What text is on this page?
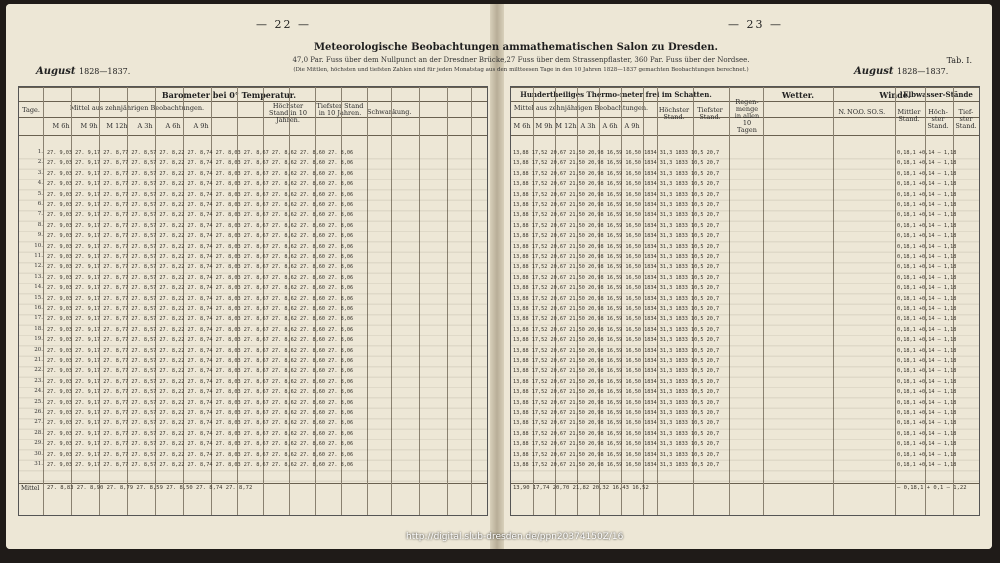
— 22 —	— 23 —
Meteorologische Beobachtungen ammathematischen Salon zu Dresden.
47,0 Par. Fuss über dem Nullpunct an der Dresdner Brücke,27 Fuss über dem Strassenpflaster, 360 Par. Fuss über der Nordsee.
(Die Mittlen, höchsten und tiefsten Zahlen sind für jeden Monatstag aus den miltteesen Tage in den 10 Jahren 1828—1837 gemachten Beobachtungen berechnet.)
Tab. I.
August 1828—1837.	August 1828—1837.
Tage.
Barometer bei 0° Temperatur.
Mittel aus zehnjährigen Beobachtungen.	Höchster Stand in 10 Jahren.
Tiefster Stand in 10 Jahren. Schwankung.
M 6h	M 9h	M 12h	A 3h	A 6h	A 9h
1. 27. 9,03 27. 9,17 27. 8,77 27. 8,57 27. 8,22 27. 8,74 27. 8,03 27. 8,67 27. 8,62 27. 8,60 27. 8,06
2. 27. 9,03 27. 9,17 27. 8,77 27. 8,57 27. 8,22 27. 8,74 27. 8,03 27. 8,67 27. 8,62 27. 8,60 27. 8,06
3. 27. 9,03 27. 9,17 27. 8,77 27. 8,57 27. 8,22 27. 8,74 27. 8,03 27. 8,67 27. 8,62 27. 8,60 27. 8,06
4. 27. 9,03 27. 9,17 27. 8,77 27. 8,57 27. 8,22 27. 8,74 27. 8,03 27. 8,67 27. 8,62 27. 8,60 27. 8,06
5. 27. 9,03 27. 9,17 27. 8,77 27. 8,57 27. 8,22 27. 8,74 27. 8,03 27. 8,67 27. 8,62 27. 8,60 27. 8,06
6. 27. 9,03 27. 9,17 27. 8,77 27. 8,57 27. 8,22 27. 8,74 27. 8,03 27. 8,67 27. 8,62 27. 8,60 27. 8,06
7. 27. 9,03 27. 9,17 27. 8,77 27. 8,57 27. 8,22 27. 8,74 27. 8,03 27. 8,67 27. 8,62 27. 8,60 27. 8,06
8. 27. 9,03 27. 9,17 27. 8,77 27. 8,57 27. 8,22 27. 8,74 27. 8,03 27. 8,67 27. 8,62 27. 8,60 27. 8,06
9. 27. 9,03 27. 9,17 27. 8,77 27. 8,57 27. 8,22 27. 8,74 27. 8,03 27. 8,67 27. 8,62 27. 8,60 27. 8,06
10. 27. 9,03 27. 9,17 27. 8,77 27. 8,57 27. 8,22 27. 8,74 27. 8,03 27. 8,67 27. 8,62 27. 8,60 27. 8,06
11. 27. 9,03 27. 9,17 27. 8,77 27. 8,57 27. 8,22 27. 8,74 27. 8,03 27. 8,67 27. 8,62 27. 8,60 27. 8,06
12. 27. 9,03 27. 9,17 27. 8,77 27. 8,57 27. 8,22 27. 8,74 27. 8,03 27. 8,67 27. 8,62 27. 8,60 27. 8,06
13. 27. 9,03 27. 9,17 27. 8,77 27. 8,57 27. 8,22 27. 8,74 27. 8,03 27. 8,67 27. 8,62 27. 8,60 27. 8,06
14. 27. 9,03 27. 9,17 27. 8,77 27. 8,57 27. 8,22 27. 8,74 27. 8,03 27. 8,67 27. 8,62 27. 8,60 27. 8,06
15. 27. 9,03 27. 9,17 27. 8,77 27. 8,57 27. 8,22 27. 8,74 27. 8,03 27. 8,67 27. 8,62 27. 8,60 27. 8,06
16. 27. 9,03 27. 9,17 27. 8,77 27. 8,57 27. 8,22 27. 8,74 27. 8,03 27. 8,67 27. 8,62 27. 8,60 27. 8,06
17. 27. 9,03 27. 9,17 27. 8,77 27. 8,57 27. 8,22 27. 8,74 27. 8,03 27. 8,67 27. 8,62 27. 8,60 27. 8,06
18. 27. 9,03 27. 9,17 27. 8,77 27. 8,57 27. 8,22 27. 8,74 27. 8,03 27. 8,67 27. 8,62 27. 8,60 27. 8,06
19. 27. 9,03 27. 9,17 27. 8,77 27. 8,57 27. 8,22 27. 8,74 27. 8,03 27. 8,67 27. 8,62 27. 8,60 27. 8,06
20. 27. 9,03 27. 9,17 27. 8,77 27. 8,57 27. 8,22 27. 8,74 27. 8,03 27. 8,67 27. 8,62 27. 8,60 27. 8,06
21. 27. 9,03 27. 9,17 27. 8,77 27. 8,57 27. 8,22 27. 8,74 27. 8,03 27. 8,67 27. 8,62 27. 8,60 27. 8,06
22. 27. 9,03 27. 9,17 27. 8,77 27. 8,57 27. 8,22 27. 8,74 27. 8,03 27. 8,67 27. 8,62 27. 8,60 27. 8,06
23. 27. 9,03 27. 9,17 27. 8,77 27. 8,57 27. 8,22 27. 8,74 27. 8,03 27. 8,67 27. 8,62 27. 8,60 27. 8,06
24. 27. 9,03 27. 9,17 27. 8,77 27. 8,57 27. 8,22 27. 8,74 27. 8,03 27. 8,67 27. 8,62 27. 8,60 27. 8,06
25. 27. 9,03 27. 9,17 27. 8,77 27. 8,57 27. 8,22 27. 8,74 27. 8,03 27. 8,67 27. 8,62 27. 8,60 27. 8,06
26. 27. 9,03 27. 9,17 27. 8,77 27. 8,57 27. 8,22 27. 8,74 27. 8,03 27. 8,67 27. 8,62 27. 8,60 27. 8,06
27. 27. 9,03 27. 9,17 27. 8,77 27. 8,57 27. 8,22 27. 8,74 27. 8,03 27. 8,67 27. 8,62 27. 8,60 27. 8,06
28. 27. 9,03 27. 9,17 27. 8,77 27. 8,57 27. 8,22 27. 8,74 27. 8,03 27. 8,67 27. 8,62 27. 8,60 27. 8,06
29. 27. 9,03 27. 9,17 27. 8,77 27. 8,57 27. 8,22 27. 8,74 27. 8,03 27. 8,67 27. 8,62 27. 8,60 27. 8,06
30. 27. 9,03 27. 9,17 27. 8,77 27. 8,57 27. 8,22 27. 8,74 27. 8,03 27. 8,67 27. 8,62 27. 8,60 27. 8,06
31. 27. 9,03 27. 9,17 27. 8,77 27. 8,57 27. 8,22 27. 8,74 27. 8,03 27. 8,67 27. 8,62 27. 8,60 27. 8,06
Mittel 27. 8,83 27. 8,90 27. 8,79 27. 8,59 27. 8,50 27. 8,74 27. 8,72
Hundertheiliges Thermo-meter frei im Schatten.
Mittel aus zehnjährigen Beobachtungen.	Höchster Stand.
Tiefster Stand.
Regen-menge in allen 10 Tagen
Wetter.	Winde.
Elbwasser-Stände
Mittler Stand.
Höch-ster Stand.
Tief-ster Stand.
M 6h M 9h M 12h A 3h	A 6h	A 9h
N. NO.
O. SO. S.
13,88 17,52 20,67 21,50 20,98 16,59 16,50 1834 31,3 1833 10,5 20,7	0,18,1 +0,14 — 1,18
13,88 17,52 20,67 21,50 20,98 16,59 16,50 1834 31,3 1833 10,5 20,7	0,18,1 +0,14 — 1,18
13,88 17,52 20,67 21,50 20,98 16,59 16,50 1834 31,3 1833 10,5 20,7	0,18,1 +0,14 — 1,18
13,88 17,52 20,67 21,50 20,98 16,59 16,50 1834 31,3 1833 10,5 20,7	0,18,1 +0,14 — 1,18
13,88 17,52 20,67 21,50 20,98 16,59 16,50 1834 31,3 1833 10,5 20,7	0,18,1 +0,14 — 1,18
13,88 17,52 20,67 21,50 20,98 16,59 16,50 1834 31,3 1833 10,5 20,7	0,18,1 +0,14 — 1,18
13,88 17,52 20,67 21,50 20,98 16,59 16,50 1834 31,3 1833 10,5 20,7	0,18,1 +0,14 — 1,18
13,88 17,52 20,67 21,50 20,98 16,59 16,50 1834 31,3 1833 10,5 20,7	0,18,1 +0,14 — 1,18
13,88 17,52 20,67 21,50 20,98 16,59 16,50 1834 31,3 1833 10,5 20,7	0,18,1 +0,14 — 1,18
13,88 17,52 20,67 21,50 20,98 16,59 16,50 1834 31,3 1833 10,5 20,7	0,18,1 +0,14 — 1,18
13,88 17,52 20,67 21,50 20,98 16,59 16,50 1834 31,3 1833 10,5 20,7	0,18,1 +0,14 — 1,18
13,88 17,52 20,67 21,50 20,98 16,59 16,50 1834 31,3 1833 10,5 20,7	0,18,1 +0,14 — 1,18
13,88 17,52 20,67 21,50 20,98 16,59 16,50 1834 31,3 1833 10,5 20,7	0,18,1 +0,14 — 1,18
13,88 17,52 20,67 21,50 20,98 16,59 16,50 1834 31,3 1833 10,5 20,7	0,18,1 +0,14 — 1,18
13,88 17,52 20,67 21,50 20,98 16,59 16,50 1834 31,3 1833 10,5 20,7	0,18,1 +0,14 — 1,18
13,88 17,52 20,67 21,50 20,98 16,59 16,50 1834 31,3 1833 10,5 20,7	0,18,1 +0,14 — 1,18
13,88 17,52 20,67 21,50 20,98 16,59 16,50 1834 31,3 1833 10,5 20,7	0,18,1 +0,14 — 1,18
13,88 17,52 20,67 21,50 20,98 16,59 16,50 1834 31,3 1833 10,5 20,7	0,18,1 +0,14 — 1,18
13,88 17,52 20,67 21,50 20,98 16,59 16,50 1834 31,3 1833 10,5 20,7	0,18,1 +0,14 — 1,18
13,88 17,52 20,67 21,50 20,98 16,59 16,50 1834 31,3 1833 10,5 20,7	0,18,1 +0,14 — 1,18
13,88 17,52 20,67 21,50 20,98 16,59 16,50 1834 31,3 1833 10,5 20,7	0,18,1 +0,14 — 1,18
13,88 17,52 20,67 21,50 20,98 16,59 16,50 1834 31,3 1833 10,5 20,7	0,18,1 +0,14 — 1,18
13,88 17,52 20,67 21,50 20,98 16,59 16,50 1834 31,3 1833 10,5 20,7	0,18,1 +0,14 — 1,18
13,88 17,52 20,67 21,50 20,98 16,59 16,50 1834 31,3 1833 10,5 20,7	0,18,1 +0,14 — 1,18
13,88 17,52 20,67 21,50 20,98 16,59 16,50 1834 31,3 1833 10,5 20,7	0,18,1 +0,14 — 1,18
13,88 17,52 20,67 21,50 20,98 16,59 16,50 1834 31,3 1833 10,5 20,7	0,18,1 +0,14 — 1,18
13,88 17,52 20,67 21,50 20,98 16,59 16,50 1834 31,3 1833 10,5 20,7	0,18,1 +0,14 — 1,18
13,88 17,52 20,67 21,50 20,98 16,59 16,50 1834 31,3 1833 10,5 20,7	0,18,1 +0,14 — 1,18
13,88 17,52 20,67 21,50 20,98 16,59 16,50 1834 31,3 1833 10,5 20,7	0,18,1 +0,14 — 1,18
13,88 17,52 20,67 21,50 20,98 16,59 16,50 1834 31,3 1833 10,5 20,7	0,18,1 +0,14 — 1,18
13,88 17,52 20,67 21,50 20,98 16,59 16,50 1834 31,3 1833 10,5 20,7	0,18,1 +0,14 — 1,18
13,90 17,74 20,70 21,82 20,32 16,43 16,52	— 0,18,1 + 0,1 — 1,22
http://digital.slub-dresden.de/ppn20374150Z/16
